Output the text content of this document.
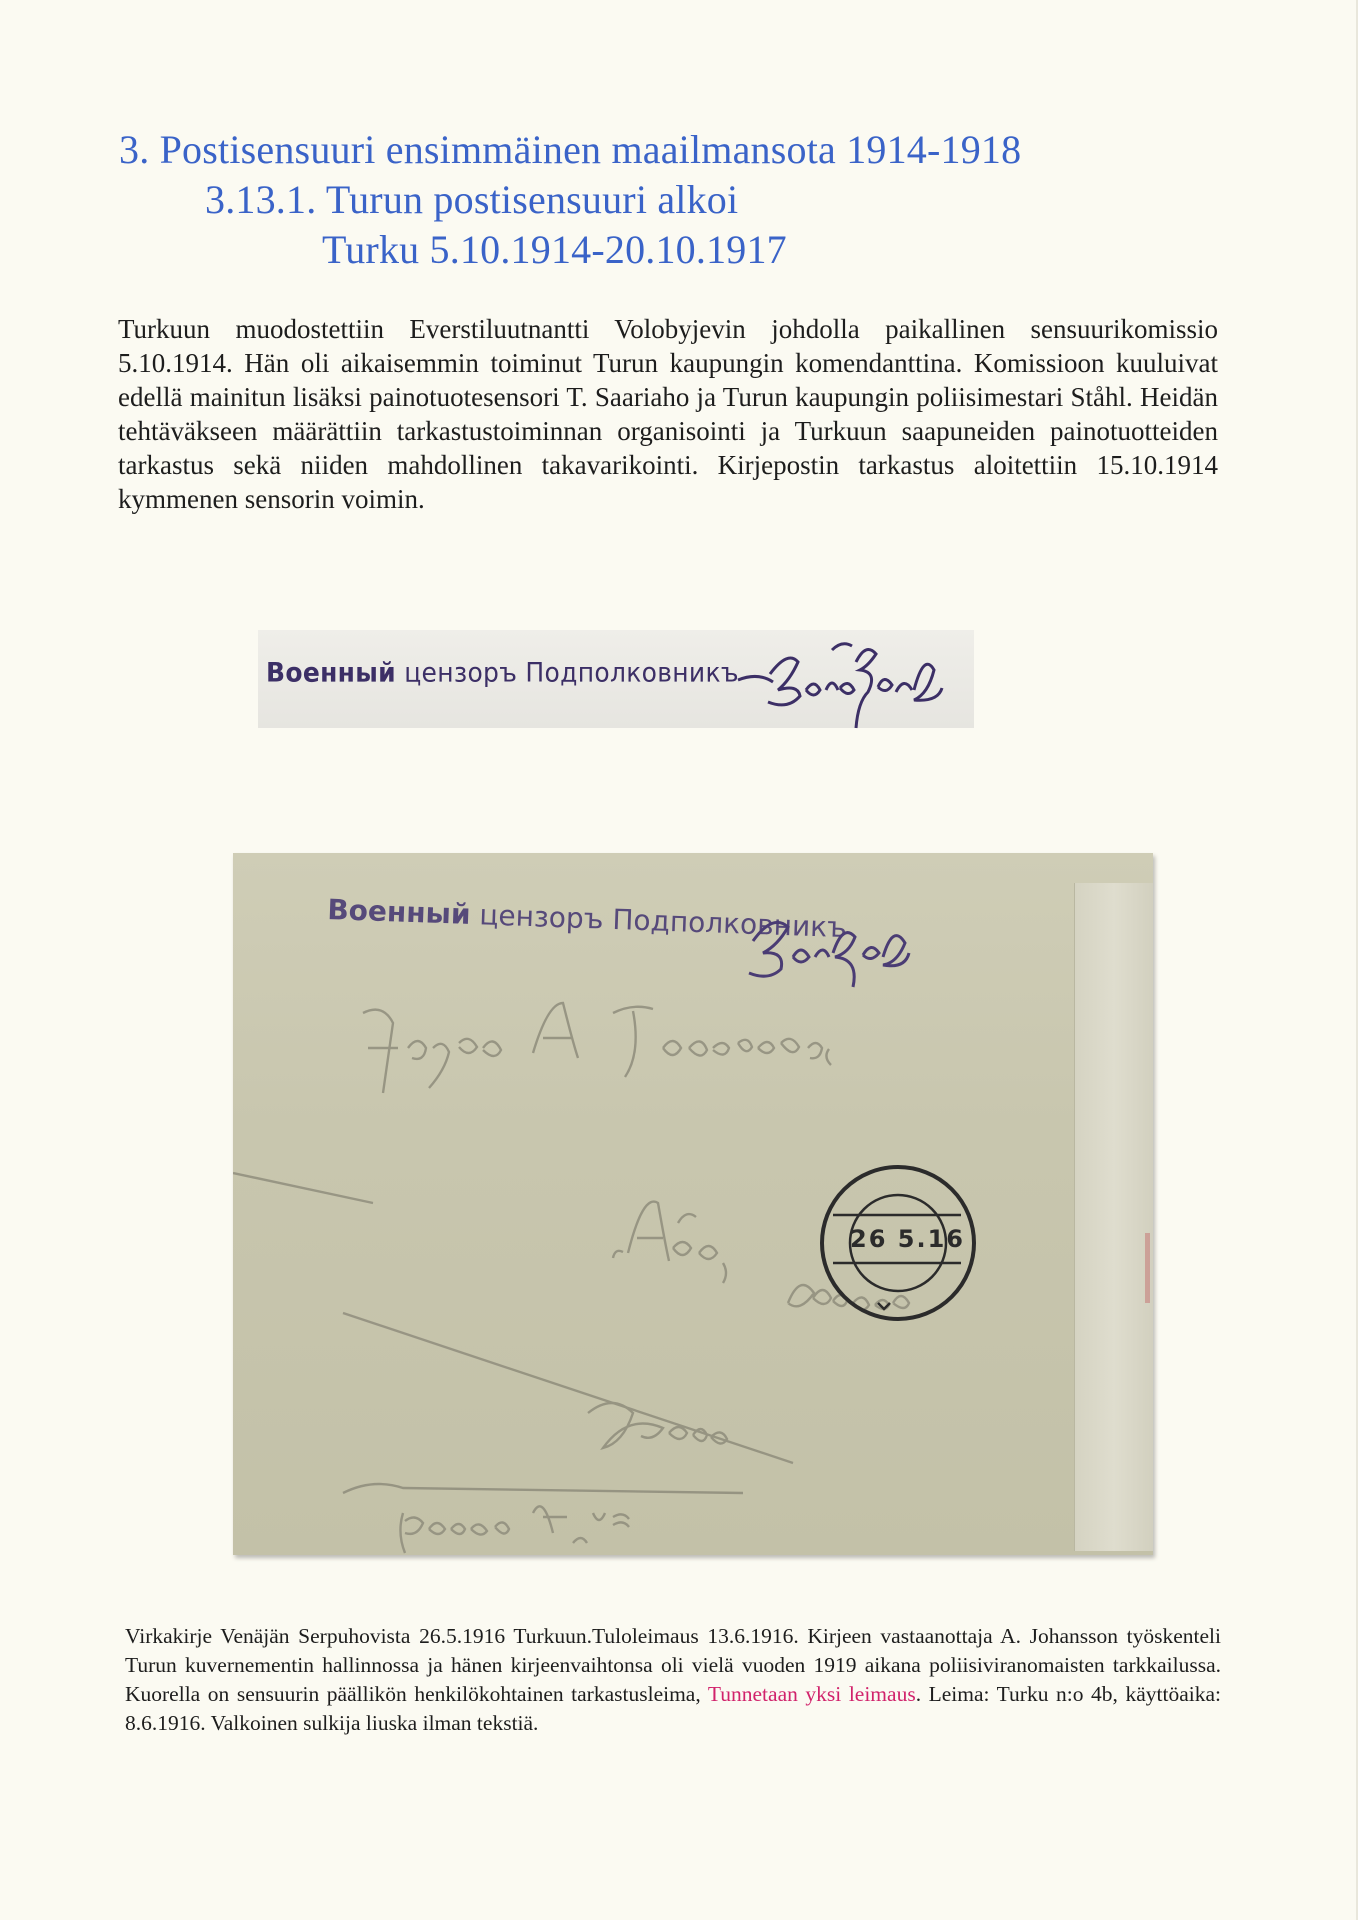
3. Postisensuuri ensimmäinen maailmansota 1914-1918
3.13.1. Turun postisensuuri alkoi
Turku 5.10.1914-20.10.1917
Turkuun muodostettiin Everstiluutnantti Volobyjevin johdolla paikallinen sensuurikomissio 5.10.1914. Hän oli aikaisemmin toiminut Turun kaupungin komendanttina. Komissioon kuuluivat edellä mainitun lisäksi painotuotesensori T. Saariaho ja Turun kaupungin poliisimestari Ståhl. Heidän tehtäväkseen määrättiin tarkastustoiminnan organisointi ja Turkuun saapuneiden painotuotteiden tarkastus sekä niiden mahdollinen takavarikointi. Kirjepostin tarkastus aloitettiin 15.10.1914 kymmenen sensorin voimin.
Военный цензоръ Подполковникъ
Военный цензоръ Подполковникъ
26 5.16
Virkakirje Venäjän Serpuhovista 26.5.1916 Turkuun.Tuloleimaus 13.6.1916. Kirjeen vastaanottaja A. Johansson työskenteli Turun kuvernementin hallinnossa ja hänen kirjeenvaihtonsa oli vielä vuoden 1919 aikana poliisiviranomaisten tarkkailussa. Kuorella on sensuurin päällikön henkilökohtainen tarkastusleima, Tunnetaan yksi leimaus. Leima: Turku n:o 4b, käyttöaika: 8.6.1916. Valkoinen sulkija liuska ilman tekstiä.
